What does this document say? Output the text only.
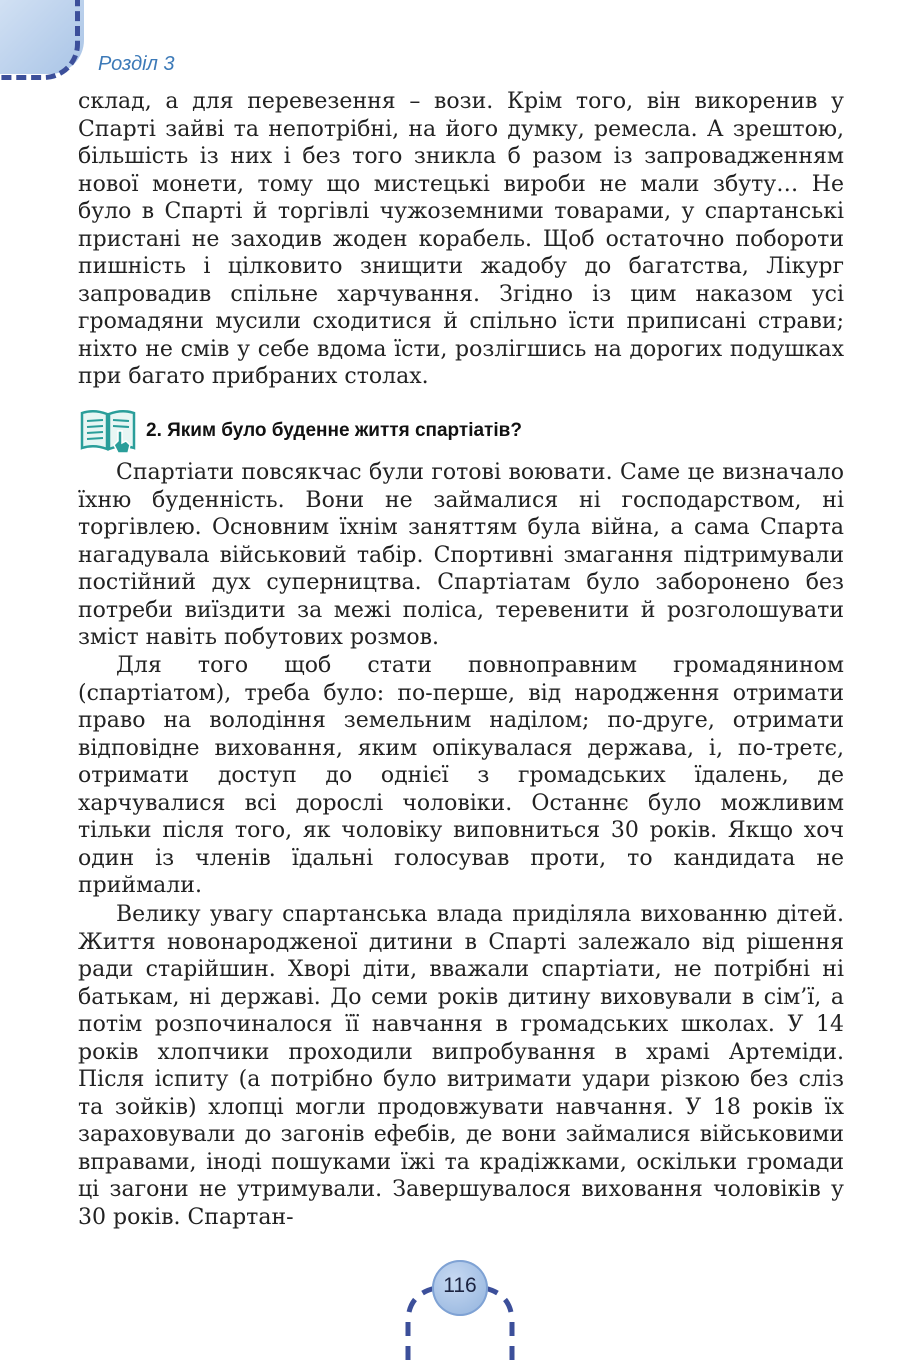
Розділ 3

склад, а для перевезення – вози. Крім того, він викоренив у Спарті зайві та непотрібні, на його думку, ремесла. А зрештою, більшість із них і без того зникла б разом із запровадженням нової монети, тому що мистецькі вироби не мали збуту… Не було в Спарті й торгівлі чужоземними товарами, у спартанські пристані не заходив жоден корабель. Щоб остаточно побороти пишність і цілковито знищити жадобу до багатства, Лікург запровадив спільне харчування. Згідно із цим наказом усі громадяни мусили сходитися й спільно їсти приписані страви; ніхто не смів у себе вдома їсти, розлігшись на дорогих подушках при багато прибраних столах.

2. Яким було буденне життя спартіатів?

Спартіати повсякчас були готові воювати. Саме це визначало їхню буденність. Вони не займалися ні господарством, ні торгівлею. Основним їхнім заняттям була війна, а сама Спарта нагадувала військовий табір. Спортивні змагання підтримували постійний дух суперництва. Спартіатам було заборонено без потреби виїздити за межі поліса, теревенити й розголошувати зміст навіть побутових розмов.

Для того щоб стати повноправним громадянином (спартіатом), треба було: по-перше, від народження отримати право на володіння земельним наділом; по-друге, отримати відповідне виховання, яким опікувалася держава, і, по-третє, отримати доступ до однієї з громадських їдалень, де харчувалися всі дорослі чоловіки. Останнє було можливим тільки після того, як чоловіку виповниться 30 років. Якщо хоч один із членів їдальні голосував проти, то кандидата не приймали.

Велику увагу спартанська влада приділяла вихованню дітей. Життя новонародженої дитини в Спарті залежало від рішення ради старійшин. Хворі діти, вважали спартіати, не потрібні ні батькам, ні державі. До семи років дитину виховували в сім’ї, а потім розпочиналося її навчання в громадських школах. У 14 років хлопчики проходили випробування в храмі Артеміди. Після іспиту (а потрібно було витримати удари різкою без сліз та зойків) хлопці могли продовжувати навчання. У 18 років їх зараховували до загонів ефебів, де вони займалися військовими вправами, іноді пошуками їжі та крадіжками, оскільки громади ці загони не утримували. Завершувалося виховання чоловіків у 30 років. Спартан-

116
